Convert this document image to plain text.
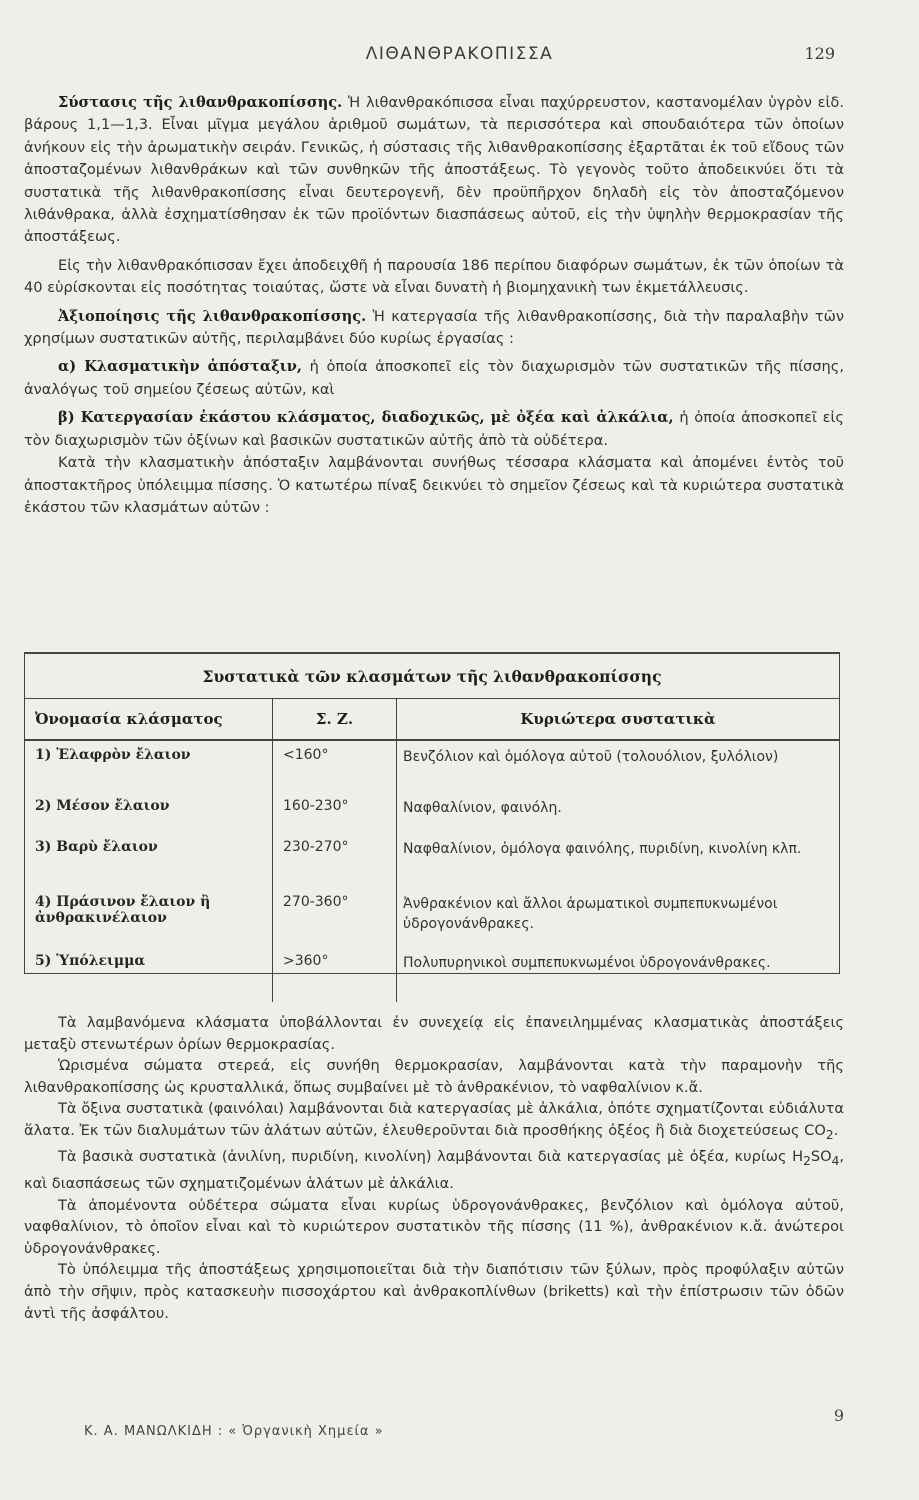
ΛΙΘΑΝΘΡΑΚΟΠΙΣΣΑ	129

Σύστασις τῆς λιθανθρακοπίσσης. Ἡ λιθανθρακόπισσα εἶναι παχύρρευστον, καστανομέλαν ὑγρὸν εἰδ. βάρους 1,1—1,3. Εἶναι μῖγμα μεγάλου ἀριθμοῦ σωμάτων, τὰ περισσότερα καὶ σπουδαιότερα τῶν ὁποίων ἀνήκουν εἰς τὴν ἀρωματικὴν σειράν. Γενικῶς, ἡ σύστασις τῆς λιθανθρακοπίσσης ἐξαρτᾶται ἐκ τοῦ εἴδους τῶν ἀποσταζομένων λιθανθράκων καὶ τῶν συνθηκῶν τῆς ἀποστάξεως. Τὸ γεγονὸς τοῦτο ἀποδεικνύει ὅτι τὰ συστατικὰ τῆς λιθανθρακοπίσσης εἶναι δευτερογενῆ, δὲν προϋπῆρχον δηλαδὴ εἰς τὸν ἀποσταζόμενον λιθάνθρακα, ἀλλὰ ἐσχηματίσθησαν ἐκ τῶν προϊόντων διασπάσεως αὐτοῦ, εἰς τὴν ὑψηλὴν θερμοκρασίαν τῆς ἀποστάξεως.

Εἰς τὴν λιθανθρακόπισσαν ἔχει ἀποδειχθῆ ἡ παρουσία 186 περίπου διαφόρων σωμάτων, ἐκ τῶν ὁποίων τὰ 40 εὑρίσκονται εἰς ποσότητας τοιαύτας, ὥστε νὰ εἶναι δυνατὴ ἡ βιομηχανικὴ των ἐκμετάλλευσις.

Ἀξιοποίησις τῆς λιθανθρακοπίσσης. Ἡ κατεργασία τῆς λιθανθρακοπίσσης, διὰ τὴν παραλαβὴν τῶν χρησίμων συστατικῶν αὐτῆς, περιλαμβάνει δύο κυρίως ἐργασίας :

α) Κλασματικὴν ἀπόσταξιν, ἡ ὁποία ἀποσκοπεῖ εἰς τὸν διαχωρισμὸν τῶν συστατικῶν τῆς πίσσης, ἀναλόγως τοῦ σημείου ζέσεως αὐτῶν, καὶ

β) Κατεργασίαν ἑκάστου κλάσματος, διαδοχικῶς, μὲ ὀξέα καὶ ἀλκάλια, ἡ ὁποία ἀποσκοπεῖ εἰς τὸν διαχωρισμὸν τῶν ὀξίνων καὶ βασικῶν συστατικῶν αὐτῆς ἀπὸ τὰ οὐδέτερα.

Κατὰ τὴν κλασματικὴν ἀπόσταξιν λαμβάνονται συνήθως τέσσαρα κλάσματα καὶ ἀπομένει ἐντὸς τοῦ ἀποστακτῆρος ὑπόλειμμα πίσσης. Ὁ κατωτέρω πίναξ δεικνύει τὸ σημεῖον ζέσεως καὶ τὰ κυριώτερα συστατικὰ ἑκάστου τῶν κλασμάτων αὐτῶν :

Συστατικὰ τῶν κλασμάτων τῆς λιθανθρακοπίσσης		
Ὀνομασία κλάσματος	Σ. Ζ.	Κυριώτερα συστατικὰ
1) Ἐλαφρὸν ἔλαιον	<160°	Βενζόλιον καὶ ὁμόλογα αὐτοῦ (τολουόλιον, ξυλόλιον)
2) Μέσον ἔλαιον	160-230°	Ναφθαλίνιον, φαινόλη.
3) Βαρὺ ἔλαιον	230-270°	Ναφθαλίνιον, ὁμόλογα φαινόλης, πυριδίνη, κινολίνη κλπ.
4) Πράσινον ἔλαιον ἢ ἀνθρακινέλαιον	270-360°	Ἀνθρακένιον καὶ ἄλλοι ἀρωματικοὶ συμπεπυκνωμένοι ὑδρογονάνθρακες.
5) Ὑπόλειμμα	>360°	Πολυπυρηνικοὶ συμπεπυκνωμένοι ὑδρογονάνθρακες.

Τὰ λαμβανόμενα κλάσματα ὑποβάλλονται ἐν συνεχείᾳ εἰς ἐπανειλημμένας κλασματικὰς ἀποστάξεις μεταξὺ στενωτέρων ὁρίων θερμοκρασίας.

Ὡρισμένα σώματα στερεά, εἰς συνήθη θερμοκρασίαν, λαμβάνονται κατὰ τὴν παραμονὴν τῆς λιθανθρακοπίσσης ὡς κρυσταλλικά, ὅπως συμβαίνει μὲ τὸ ἀνθρακένιον, τὸ ναφθαλίνιον κ.ἄ.

Τὰ ὄξινα συστατικὰ (φαινόλαι) λαμβάνονται διὰ κατεργασίας μὲ ἀλκάλια, ὁπότε σχηματίζονται εὐδιάλυτα ἅλατα. Ἐκ τῶν διαλυμάτων τῶν ἁλάτων αὐτῶν, ἐλευθεροῦνται διὰ προσθήκης ὀξέος ἢ διὰ διοχετεύσεως $CO_2$.

Τὰ βασικὰ συστατικὰ (ἀνιλίνη, πυριδίνη, κινολίνη) λαμβάνονται διὰ κατεργασίας μὲ ὀξέα, κυρίως $H_2SO_4$, καὶ διασπάσεως τῶν σχηματιζομένων ἁλάτων μὲ ἀλκάλια.

Τὰ ἀπομένοντα οὐδέτερα σώματα εἶναι κυρίως ὑδρογονάνθρακες, βενζόλιον καὶ ὁμόλογα αὐτοῦ, ναφθαλίνιον, τὸ ὁποῖον εἶναι καὶ τὸ κυριώτερον συστατικὸν τῆς πίσσης (11 %), ἀνθρακένιον κ.ἄ. ἀνώτεροι ὑδρογονάνθρακες.

Τὸ ὑπόλειμμα τῆς ἀποστάξεως χρησιμοποιεῖται διὰ τὴν διαπότισιν τῶν ξύλων, πρὸς προφύλαξιν αὐτῶν ἀπὸ τὴν σῆψιν, πρὸς κατασκευὴν πισσοχάρτου καὶ ἀνθρακοπλίνθων (briketts) καὶ τὴν ἐπίστρωσιν τῶν ὁδῶν ἀντὶ τῆς ἀσφάλτου.

9
Κ. Α. ΜΑΝΩΛΚΙΔΗ : « Ὀργανικὴ Χημεία »
